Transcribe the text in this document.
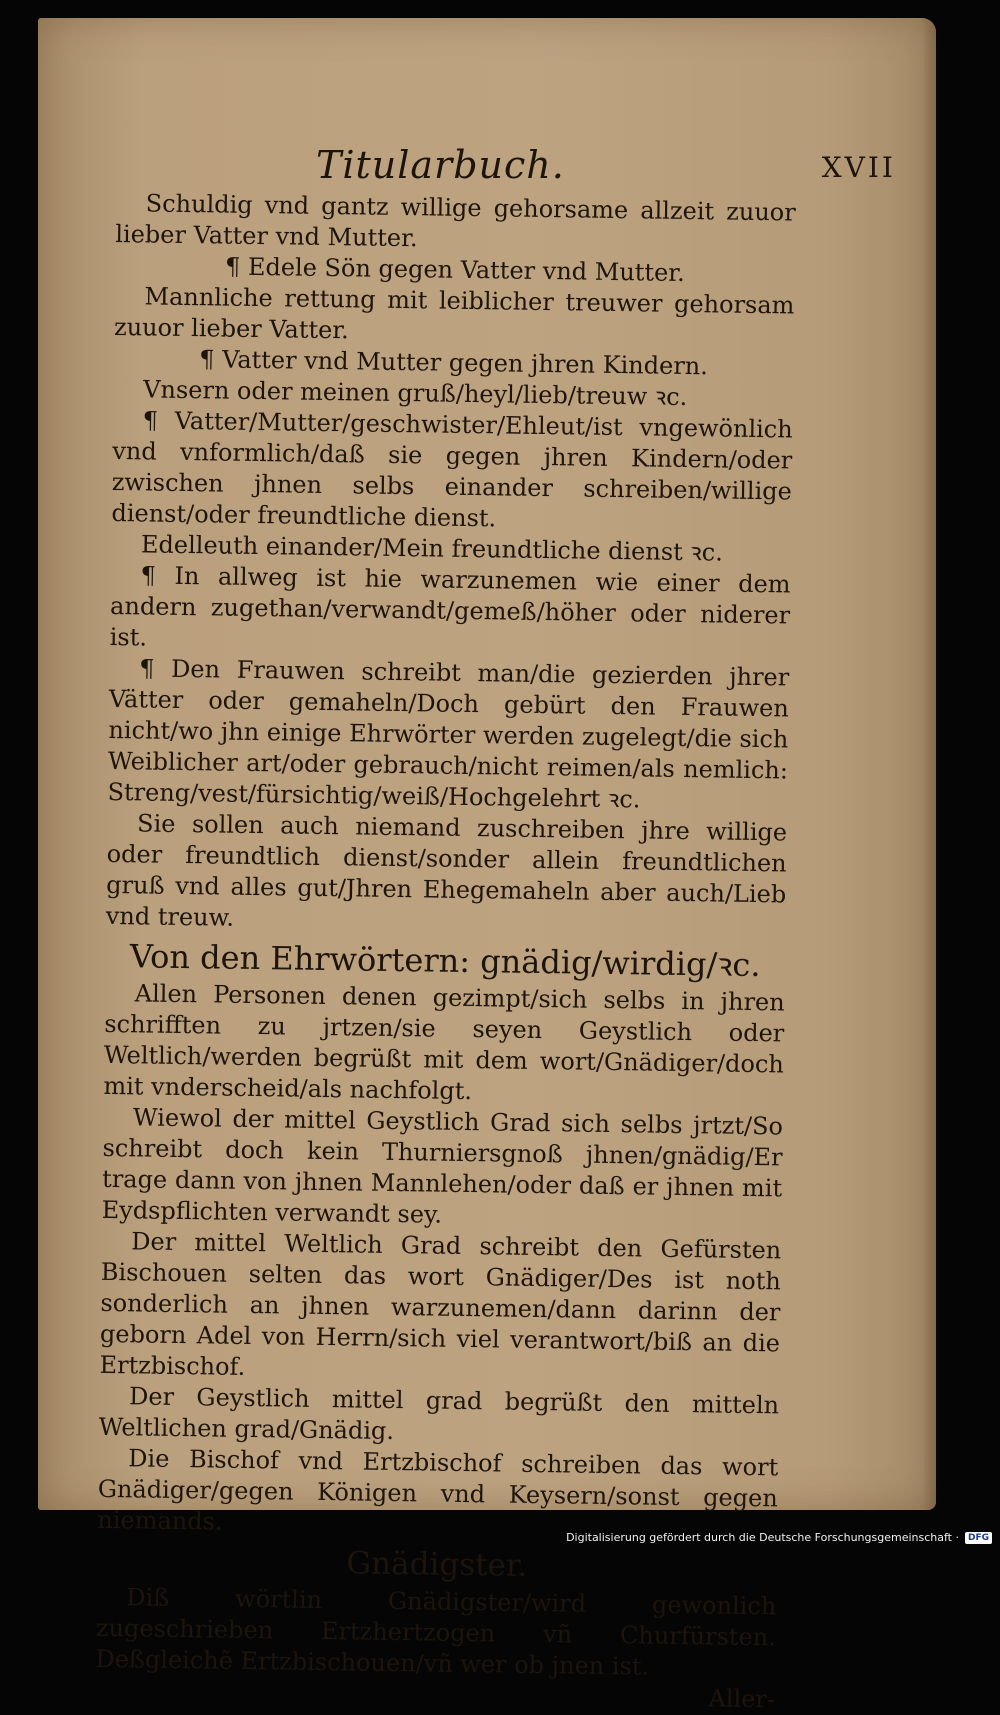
Titularbuch.	XVII

Schuldig vnd gantz willige gehorsame allzeit zuuor lieber Vatter vnd Mutter.

¶ Edele Sön gegen Vatter vnd Mutter.

Mannliche rettung mit leiblicher treuwer gehorsam zuuor lieber Vatter.

¶ Vatter vnd Mutter gegen jhren Kindern.

Vnsern oder meinen gruß/heyl/lieb/treuw ꝛc.

¶ Vatter/Mutter/geschwister/Ehleut/ist vngewönlich vnd vnformlich/daß sie gegen jhren Kindern/oder zwischen jhnen selbs einander schreiben/willige dienst/oder freundtliche dienst.

Edelleuth einander/Mein freundtliche dienst ꝛc.

¶ In allweg ist hie warzunemen wie einer dem andern zugethan/verwandt/gemeß/höher oder niderer ist.

¶ Den Frauwen schreibt man/die gezierden jhrer Vätter oder gemaheln/Doch gebürt den Frauwen nicht/wo jhn einige Ehrwörter werden zugelegt/die sich Weiblicher art/oder gebrauch/nicht reimen/als nemlich: Streng/vest/fürsichtig/weiß/Hochgelehrt ꝛc.

Sie sollen auch niemand zuschreiben jhre willige oder freundtlich dienst/sonder allein freundtlichen gruß vnd alles gut/Jhren Ehegemaheln aber auch/Lieb vnd treuw.

Von den Ehrwörtern: gnädig/wirdig/ꝛc.

Allen Personen denen gezimpt/sich selbs in jhren schrifften zu jrtzen/sie seyen Geystlich oder Weltlich/werden begrüßt mit dem wort/Gnädiger/doch mit vnderscheid/als nachfolgt.

Wiewol der mittel Geystlich Grad sich selbs jrtzt/So schreibt doch kein Thurniersgnoß jhnen/gnädig/Er trage dann von jhnen Mannlehen/oder daß er jhnen mit Eydspflichten verwandt sey.

Der mittel Weltlich Grad schreibt den Gefürsten Bischouen selten das wort Gnädiger/Des ist noth sonderlich an jhnen warzunemen/dann darinn der geborn Adel von Herrn/sich viel verantwort/biß an die Ertzbischof.

Der Geystlich mittel grad begrüßt den mitteln Weltlichen grad/Gnädig.

Die Bischof vnd Ertzbischof schreiben das wort Gnädiger/gegen Königen vnd Keysern/sonst gegen niemands.

Gnädigster.

Diß wörtlin Gnädigster/wird gewonlich zugeschrieben Ertzhertzogen vñ Churfürsten. Deßgleichẽ Ertzbischouen/vñ wer ob jnen ist.

Aller-

Digitalisierung gefördert durch die Deutsche Forschungsgemeinschaft ·	DFG
